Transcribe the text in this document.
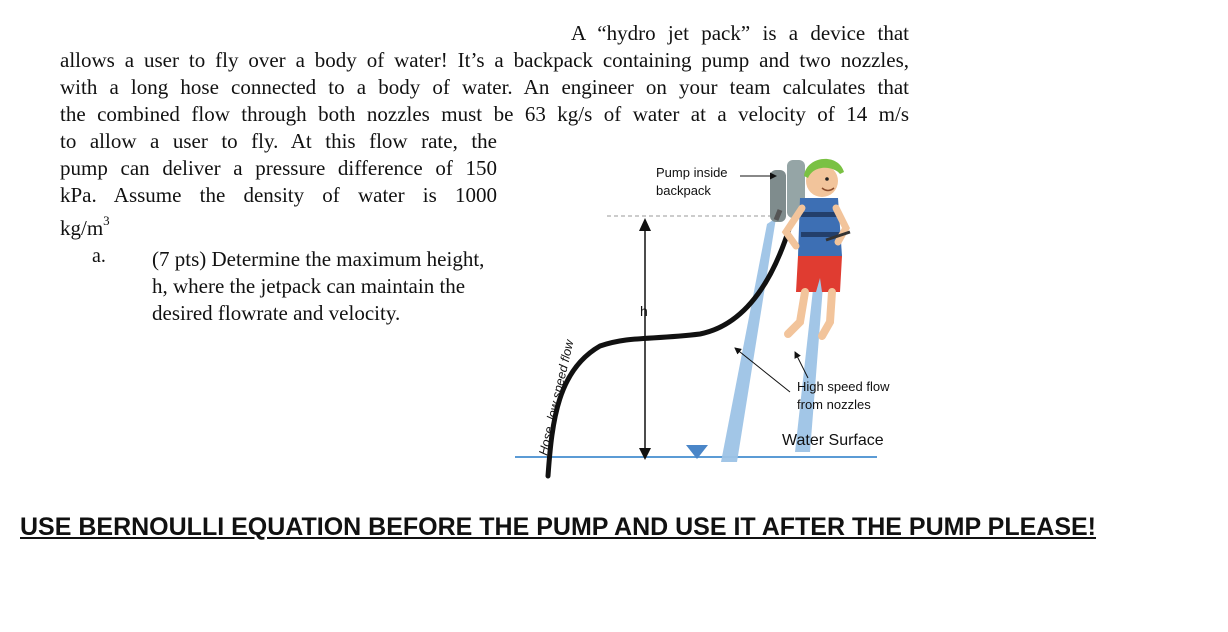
A “hydro jet pack” is a device that
allows a user to fly over a body of water! It’s a backpack containing pump and two nozzles,
with a long hose connected to a body of water. An engineer on your team calculates that
the combined flow through both nozzles must be 63 kg/s of water at a velocity of 14 m/s
to allow a user to fly. At this flow rate, the
pump can deliver a pressure difference of 150
kPa. Assume the density of water is 1000
$kg/m^3$
a. (7 pts) Determine the maximum height,
h, where the jetpack can maintain the
desired flowrate and velocity.
Hose, low speed flow
Pump inside
backpack
h
High speed flow
from nozzles
Water Surface
USE BERNOULLI EQUATION BEFORE THE PUMP AND USE IT AFTER THE PUMP PLEASE!
